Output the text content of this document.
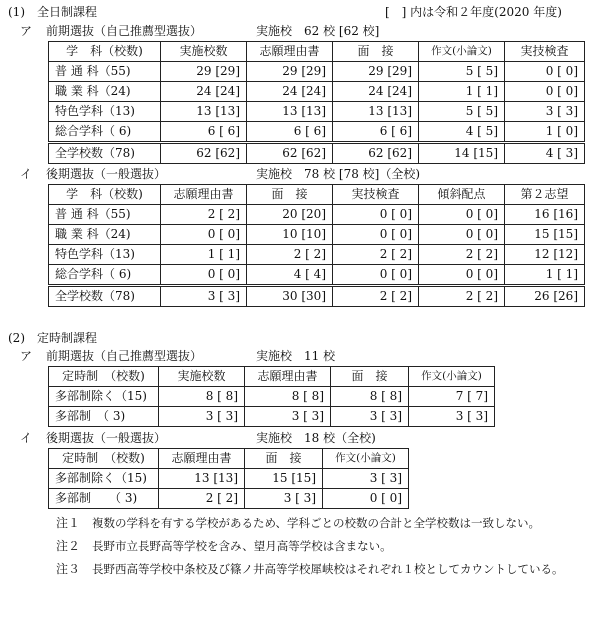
(1)　全日制課程	[　] 内は令和２年度(2020 年度)
ア 前期選抜（自己推薦型選抜）	実施校　62 校 [62 校]
学　科（校数)	実施校数	志願理由書	面　接	作文(小論文)	実技検査
普 通 科（55)	29 [29]	29 [29]	29 [29]	5 [ 5]	0 [ 0]
職 業 科（24)	24 [24]	24 [24]	24 [24]	1 [ 1]	0 [ 0]
特色学科（13)	13 [13]	13 [13]	13 [13]	5 [ 5]	3 [ 3]
総合学科（ 6)	6 [ 6]	6 [ 6]	6 [ 6]	4 [ 5]	1 [ 0]
全学校数（78)	62 [62]	62 [62]	62 [62]	14 [15]	4 [ 3]
イ 後期選抜（一般選抜）	実施校　78 校 [78 校]（全校)
学　科（校数)	志願理由書	面　接	実技検査	傾斜配点	第２志望
普 通 科（55)	2 [ 2]	20 [20]	0 [ 0]	0 [ 0]	16 [16]
職 業 科（24)	0 [ 0]	10 [10]	0 [ 0]	0 [ 0]	15 [15]
特色学科（13)	1 [ 1]	2 [ 2]	2 [ 2]	2 [ 2]	12 [12]
総合学科（ 6)	0 [ 0]	4 [ 4]	0 [ 0]	0 [ 0]	1 [ 1]
全学校数（78)	3 [ 3]	30 [30]	2 [ 2]	2 [ 2]	26 [26]
(2)　定時制課程
ア 前期選抜（自己推薦型選抜）	実施校　11 校
定時制　（校数)	実施校数	志願理由書	面　接	作文(小論文)
多部制除く（15)	8 [ 8]	8 [ 8]	8 [ 8]	7 [ 7]
多部制　（ 3)	3 [ 3]	3 [ 3]	3 [ 3]	3 [ 3]
イ 後期選抜（一般選抜）	実施校　18 校（全校)
定時制　（校数)	志願理由書	面　接	作文(小論文)
多部制除く（15)	13 [13]	15 [15]	3 [ 3]
多部制　　（ 3)	2 [ 2]	3 [ 3]	0 [ 0]
注１ 複数の学科を有する学校があるため、学科ごとの校数の合計と全学校数は一致しない。
注２ 長野市立長野高等学校を含み、望月高等学校は含まない。
注３ 長野西高等学校中条校及び篠ノ井高等学校犀峡校はそれぞれ１校としてカウントしている。
